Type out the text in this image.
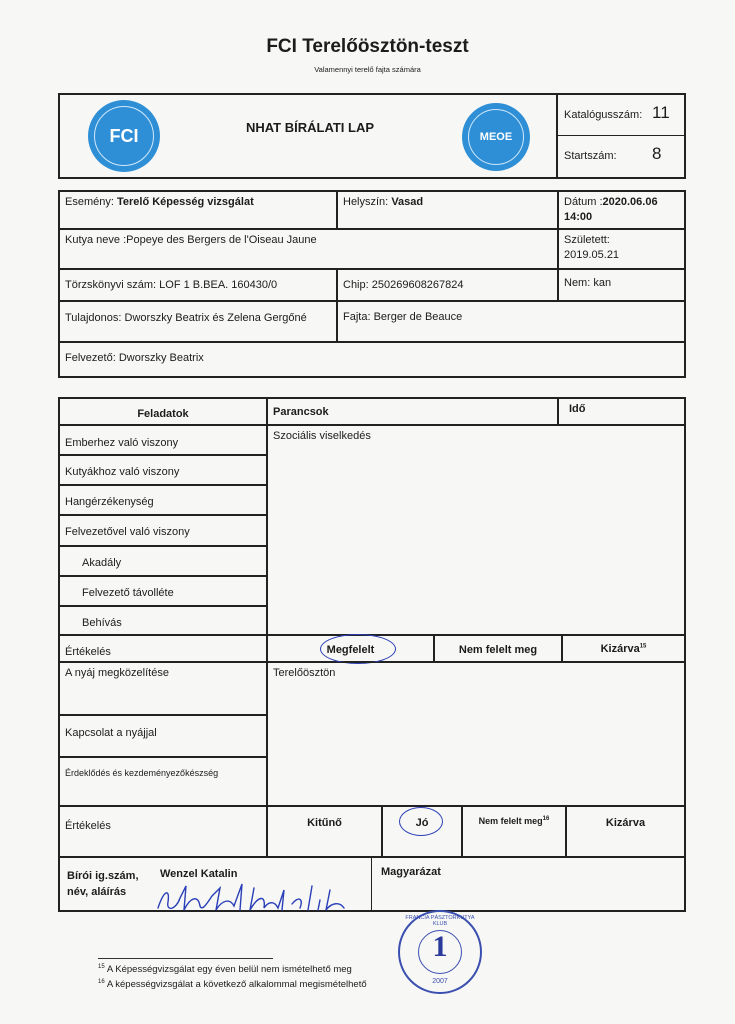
FCI Terelőösztön-teszt
Valamennyi terelő fajta számára
FCI	NHAT BÍRÁLATI LAP
MEOE
Katalógusszám: 11
Startszám: 8
Esemény: Terelő Képesség vizsgálat	Helyszín: Vasad	Dátum :2020.06.06
14:00
Kutya neve :Popeye des Bergers de l'Oiseau Jaune	Született:
2019.05.21
Törzskönyvi szám: LOF 1 B.BEA. 160430/0	Chip: 250269608267824	Nem: kan
Tulajdonos: Dworszky Beatrix és Zelena Gergőné	Fajta: Berger de Beauce
Felvezető: Dworszky Beatrix
Feladatok	Parancsok	Idő
Szociális viselkedés
Emberhez való viszony
Kutyákhoz való viszony
Hangérzékenység
Felvezetővel való viszony
Akadály
Felvezető távolléte
Behívás
Értékelés	Megfelelt	Nem felelt meg	Kizárva$^{15}$
Terelőösztön
A nyáj megközelítése
Kapcsolat a nyájjal
Érdeklődés és kezdeményezőkészség
Értékelés	Kitűnő	Jó	Nem felelt meg$^{16}$	Kizárva
Bírói ig.szám,
név, aláírás
Wenzel Katalin	Magyarázat
1
FRANCIA PÁSZTORKUTYA KLUB
2007
$^{15}$ A Képességvizsgálat egy éven belül nem ismételhető meg
$^{16}$ A képességvizsgálat a következő alkalommal megismételhető
